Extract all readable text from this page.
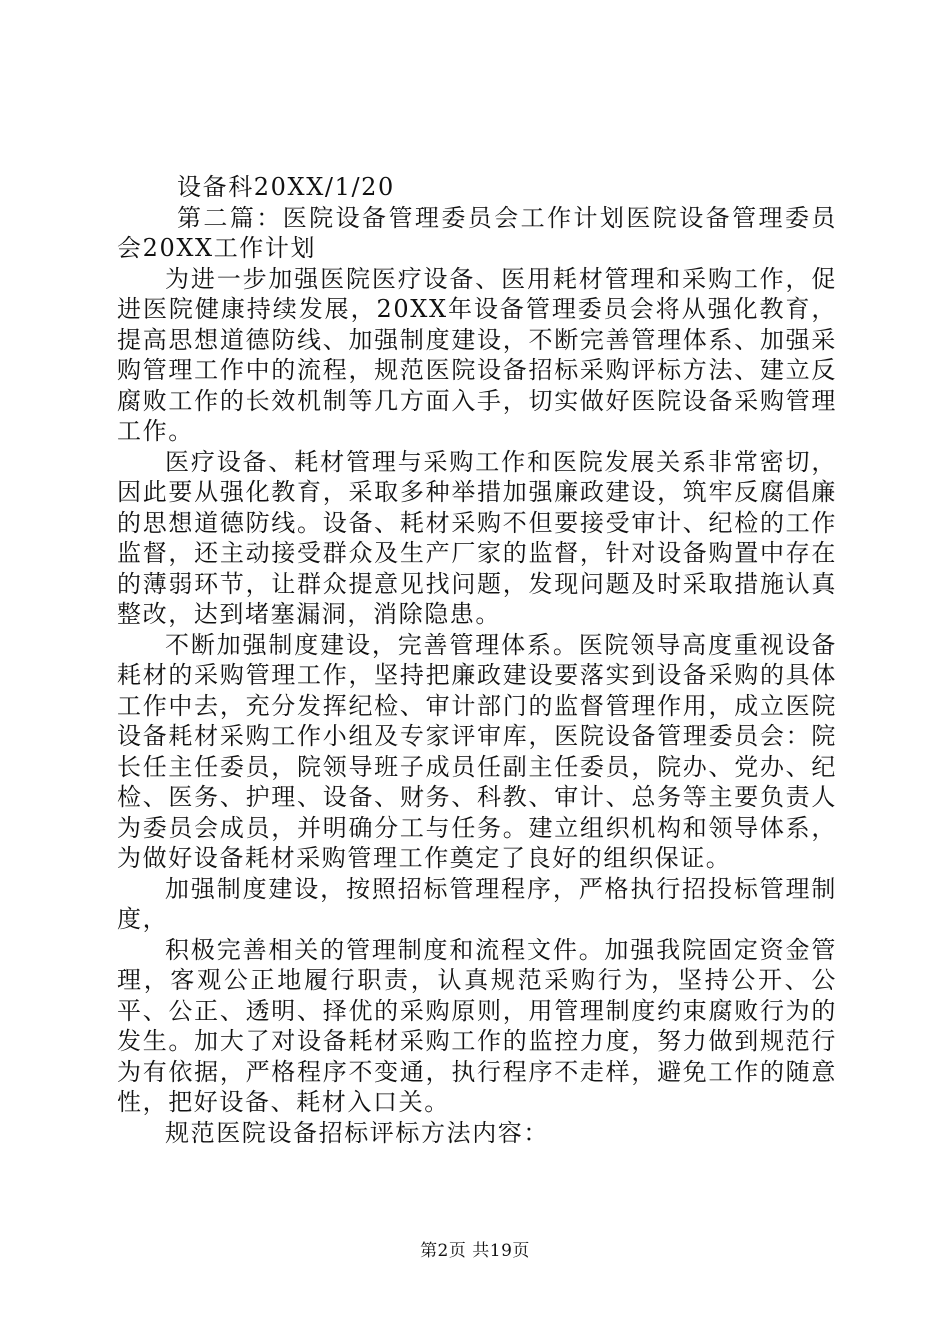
设备科20XX/1/20

第二篇：医院设备管理委员会工作计划医院设备管理委员会20XX工作计划

为进一步加强医院医疗设备、医用耗材管理和采购工作，促进医院健康持续发展，20XX年设备管理委员会将从强化教育，提高思想道德防线、加强制度建设，不断完善管理体系、加强采购管理工作中的流程，规范医院设备招标采购评标方法、建立反腐败工作的长效机制等几方面入手，切实做好医院设备采购管理工作。

医疗设备、耗材管理与采购工作和医院发展关系非常密切，因此要从强化教育，采取多种举措加强廉政建设，筑牢反腐倡廉的思想道德防线。设备、耗材采购不但要接受审计、纪检的工作监督，还主动接受群众及生产厂家的监督，针对设备购置中存在的薄弱环节，让群众提意见找问题，发现问题及时采取措施认真整改，达到堵塞漏洞，消除隐患。

不断加强制度建设，完善管理体系。医院领导高度重视设备耗材的采购管理工作，坚持把廉政建设要落实到设备采购的具体工作中去，充分发挥纪检、审计部门的监督管理作用，成立医院设备耗材采购工作小组及专家评审库，医院设备管理委员会：院长任主任委员，院领导班子成员任副主任委员，院办、党办、纪检、医务、护理、设备、财务、科教、审计、总务等主要负责人为委员会成员，并明确分工与任务。建立组织机构和领导体系，为做好设备耗材采购管理工作奠定了良好的组织保证。

加强制度建设，按照招标管理程序，严格执行招投标管理制度，

积极完善相关的管理制度和流程文件。加强我院固定资金管理，客观公正地履行职责，认真规范采购行为，坚持公开、公平、公正、透明、择优的采购原则，用管理制度约束腐败行为的发生。加大了对设备耗材采购工作的监控力度，努力做到规范行为有依据，严格程序不变通，执行程序不走样，避免工作的随意性，把好设备、耗材入口关。

规范医院设备招标评标方法内容：

第2页 共19页
